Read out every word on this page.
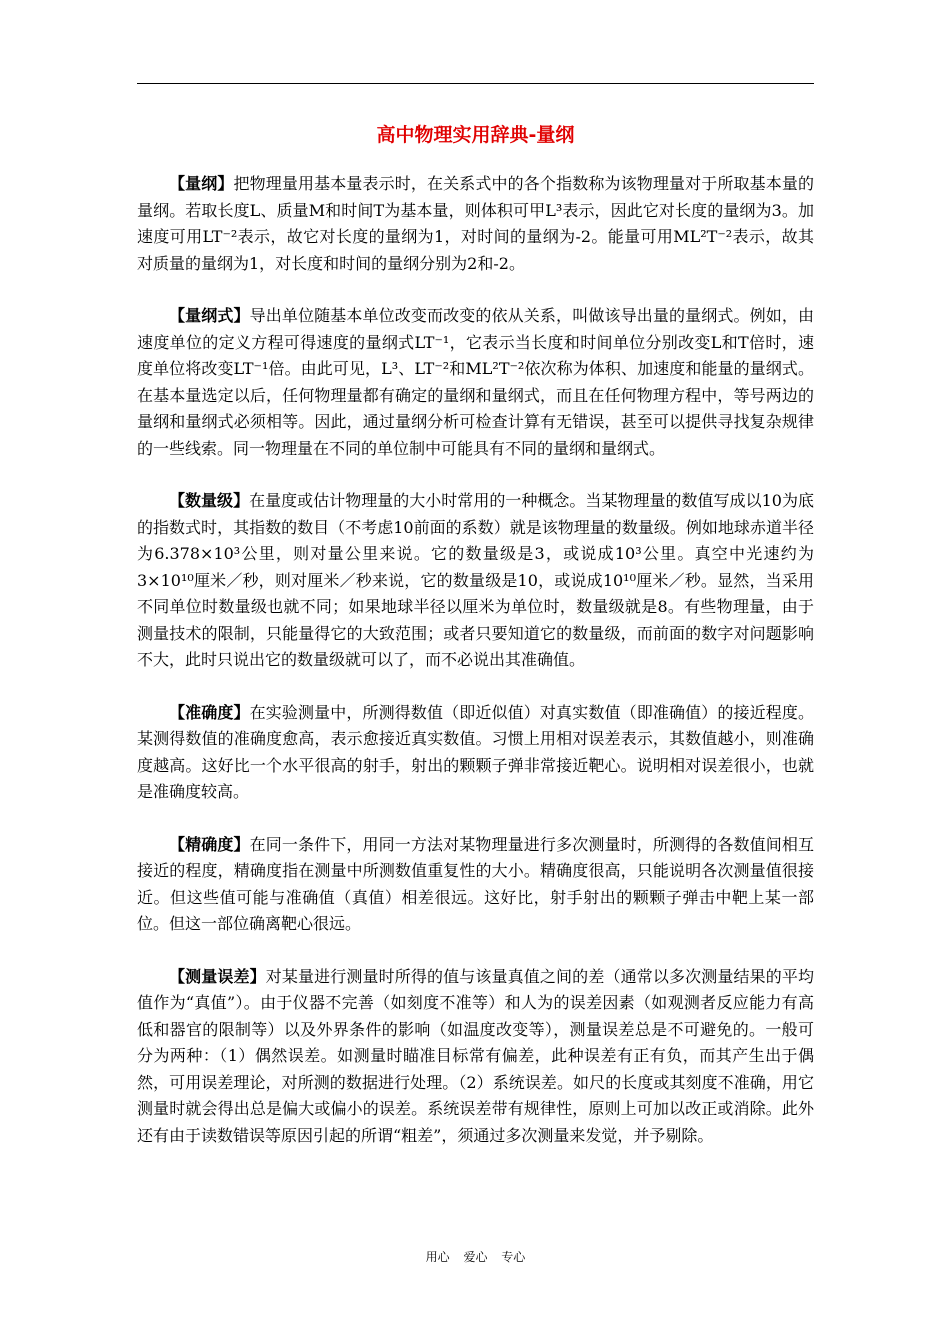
高中物理实用辞典-量纲

【量纲】把物理量用基本量表示时，在关系式中的各个指数称为该物理量对于所取基本量的量纲。若取长度L、质量M和时间T为基本量，则体积可甲L³表示，因此它对长度的量纲为3。加速度可用LT⁻²表示，故它对长度的量纲为1，对时间的量纲为-2。能量可用ML²T⁻²表示，故其对质量的量纲为1，对长度和时间的量纲分别为2和-2。

【量纲式】导出单位随基本单位改变而改变的依从关系，叫做该导出量的量纲式。例如，由速度单位的定义方程可得速度的量纲式LT⁻¹，它表示当长度和时间单位分别改变L和T倍时，速度单位将改变LT⁻¹倍。由此可见，L³、LT⁻²和ML²T⁻²依次称为体积、加速度和能量的量纲式。在基本量选定以后，任何物理量都有确定的量纲和量纲式，而且在任何物理方程中，等号两边的量纲和量纲式必须相等。因此，通过量纲分析可检查计算有无错误，甚至可以提供寻找复杂规律的一些线索。同一物理量在不同的单位制中可能具有不同的量纲和量纲式。

【数量级】在量度或估计物理量的大小时常用的一种概念。当某物理量的数值写成以10为底的指数式时，其指数的数目（不考虑10前面的系数）就是该物理量的数量级。例如地球赤道半径为6.378×10³公里，则对量公里来说。它的数量级是3，或说成10³公里。真空中光速约为3×10¹⁰厘米／秒，则对厘米／秒来说，它的数量级是10，或说成10¹⁰厘米／秒。显然，当采用不同单位时数量级也就不同；如果地球半径以厘米为单位时，数量级就是8。有些物理量，由于测量技术的限制，只能量得它的大致范围；或者只要知道它的数量级，而前面的数字对问题影响不大，此时只说出它的数量级就可以了，而不必说出其准确值。

【准确度】在实验测量中，所测得数值（即近似值）对真实数值（即准确值）的接近程度。某测得数值的准确度愈高，表示愈接近真实数值。习惯上用相对误差表示，其数值越小，则准确度越高。这好比一个水平很高的射手，射出的颗颗子弹非常接近靶心。说明相对误差很小，也就是准确度较高。

【精确度】在同一条件下，用同一方法对某物理量进行多次测量时，所测得的各数值间相互接近的程度，精确度指在测量中所测数值重复性的大小。精确度很高，只能说明各次测量值很接近。但这些值可能与准确值（真值）相差很远。这好比，射手射出的颗颗子弹击中靶上某一部位。但这一部位确离靶心很远。

【测量误差】对某量进行测量时所得的值与该量真值之间的差（通常以多次测量结果的平均值作为“真值”）。由于仪器不完善（如刻度不准等）和人为的误差因素（如观测者反应能力有高低和器官的限制等）以及外界条件的影响（如温度改变等），测量误差总是不可避免的。一般可分为两种：（1）偶然误差。如测量时瞄准目标常有偏差，此种误差有正有负，而其产生出于偶然，可用误差理论，对所测的数据进行处理。（2）系统误差。如尺的长度或其刻度不准确，用它测量时就会得出总是偏大或偏小的误差。系统误差带有规律性，原则上可加以改正或消除。此外还有由于读数错误等原因引起的所谓“粗差”，须通过多次测量来发觉，并予剔除。

用心 爱心 专心
